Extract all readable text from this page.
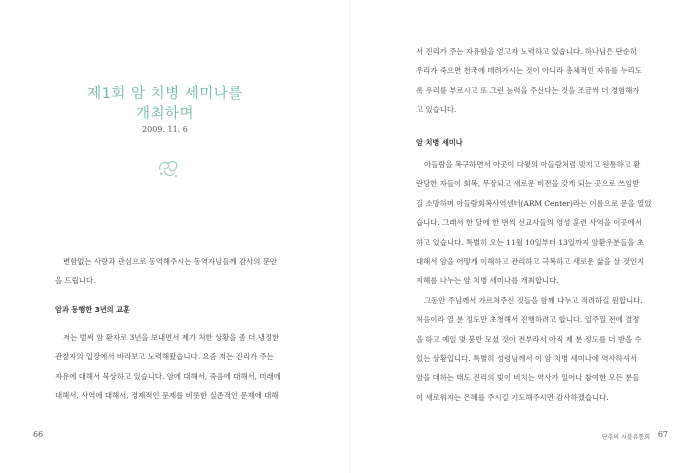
제1회 암 치병 세미나를
개최하며
2009. 11. 6

변함없는 사랑과 관심으로 동역해주시는 동역자님들께 감사의 문안
을 드립니다.

암과 동행한 3년의 교훈

저는 벌써 암 환자로 3년을 보내면서 제가 처한 상황을 좀 더 냉정한
관찰자의 입장에서 바라보고 노력해왔습니다. 요즘 저는 진리가 주는
자유에 대해서 묵상하고 있습니다. 암에 대해서, 죽음에 대해서, 미래에
대해서, 사역에 대해서, 경제적인 문제를 비롯한 실존적인 문제에 대해

66

서 진리가 주는 자유함을 얻고자 노력하고 있습니다. 하나님은 단순히
우리가 죽으면 천국에 데려가시는 것이 아니라 총체적인 자유를 누리도
록 우리를 부르시고 또 그런 능력을 주신다는 것을 조금씩 더 경험해가
고 있습니다.

암 치병 세미나

아들람을 복구하면서 아곳이 다윗의 아들람처럼 빚지고 원통하고 환
란당한 자들이 회복, 무장되고 새로운 비전을 갖게 되는 곳으로 쓰임받
길 소망하며 아들람회복사역센터(ARM Center)라는 이름으로 문을 열었
습니다. 그래서 한 달에 한 번씩 선교사들의 영성 훈련 사역을 이곳에서
하고 있습니다. 특별히 오는 11월 10일부터 13일까지 암환우분들을 초
대해서 암을 어떻게 이해하고 관리하고 극복하고 새로운 삶을 살 것인지
지혜를 나누는 암 치병 세미나를 개최합니다.
그동안 주님께서 가르쳐주신 것들을 함께 나누고 적려하길 원합니다.
처음이라 열 분 정도만 초청해서 진행하려고 합니다. 일주일 전에 결정
을 하고 예일 몇 붕만 모셨 것이 전부라서 아직 제 분 정도를 더 받을 수
있는 상황입니다. 특별히 성령님께서 이 암 치병 세미나에 역사하셔서
암을 대하는 태도 진리의 빛이 비치는 역사가 일어나 참여한 모든 분들
이 새로워지는 은혜를 주시길 기도해주시면 감사하겠습니다.

단추의 시블유통회 67
